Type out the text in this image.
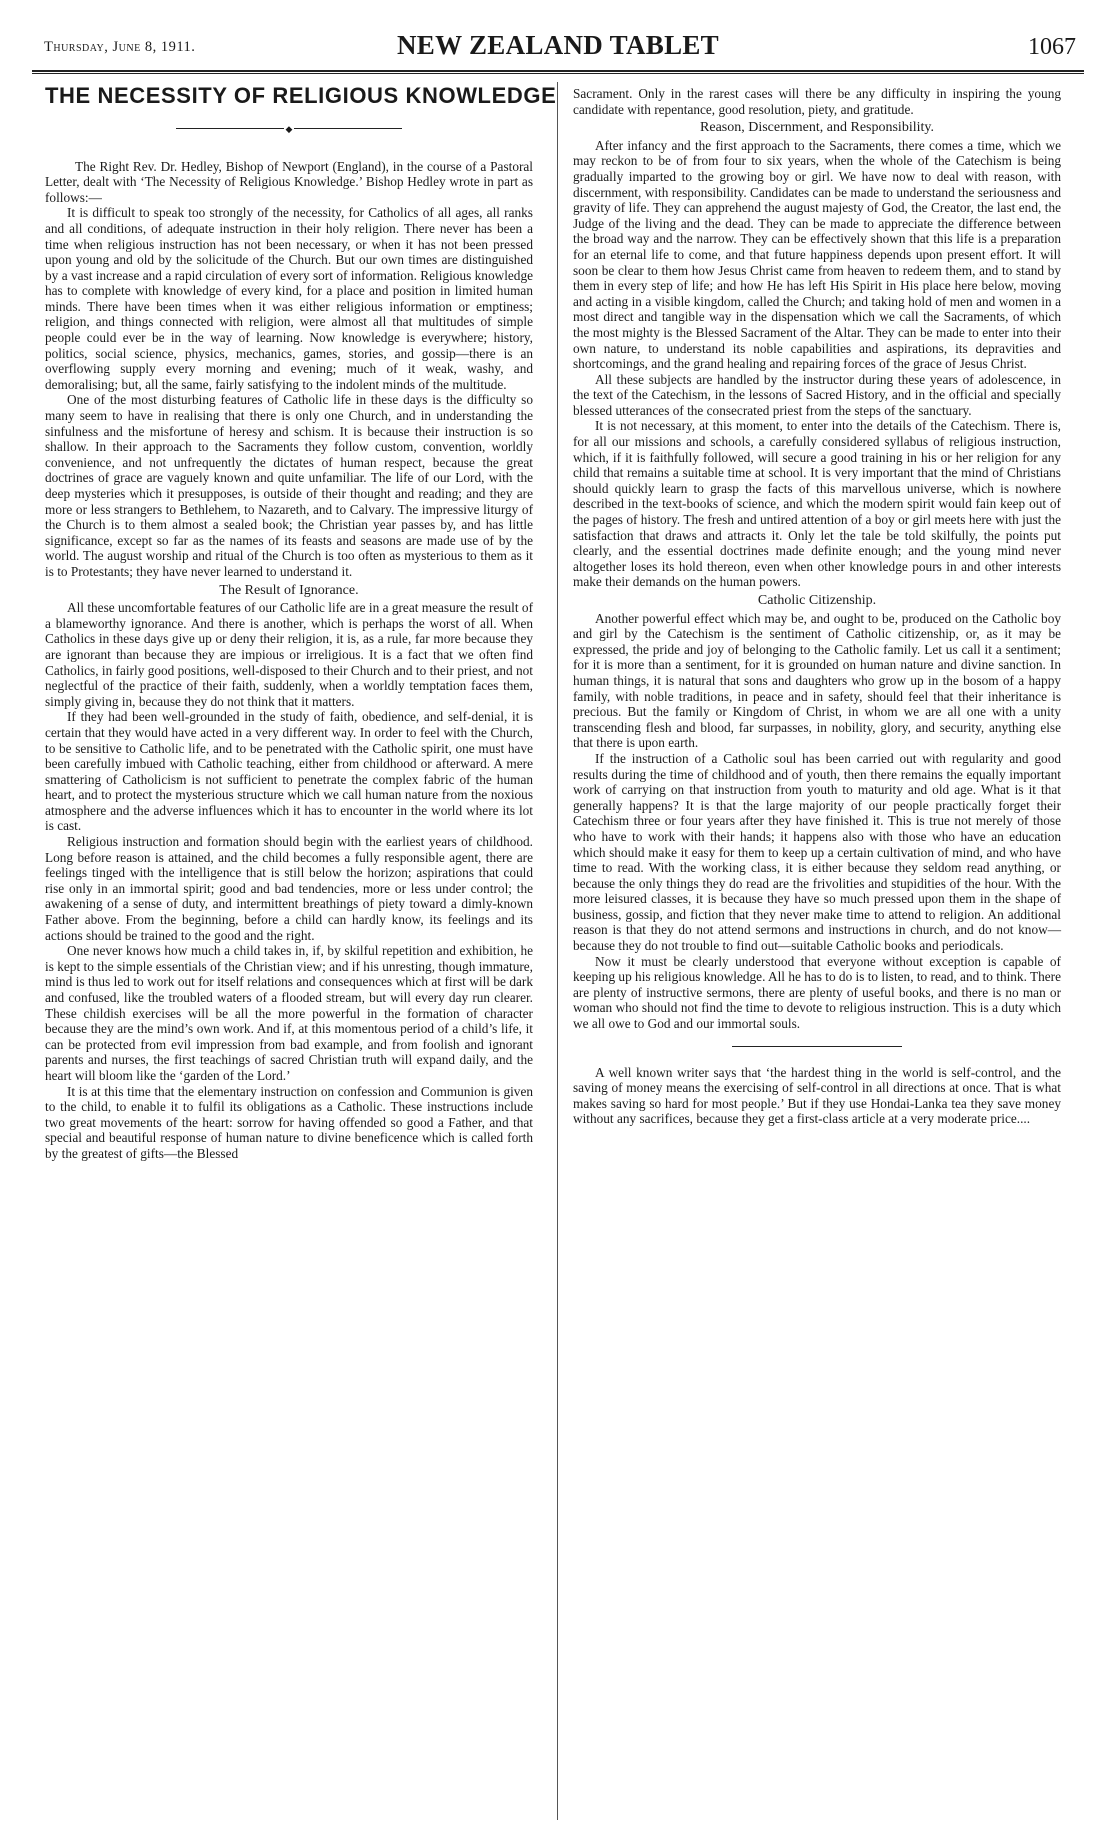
Thursday, June 8, 1911.	NEW ZEALAND TABLET	1067
THE NECESSITY OF RELIGIOUS KNOWLEDGE
◆

The Right Rev. Dr. Hedley, Bishop of Newport (England), in the course of a Pastoral Letter, dealt with ‘The Necessity of Religious Knowledge.’ Bishop Hedley wrote in part as follows:—

It is difficult to speak too strongly of the necessity, for Catholics of all ages, all ranks and all conditions, of adequate instruction in their holy religion. There never has been a time when religious instruction has not been necessary, or when it has not been pressed upon young and old by the solicitude of the Church. But our own times are distinguished by a vast increase and a rapid circulation of every sort of information. Religious knowledge has to complete with knowledge of every kind, for a place and position in limited human minds. There have been times when it was either religious information or emptiness; religion, and things connected with religion, were almost all that multitudes of simple people could ever be in the way of learning. Now knowledge is everywhere; history, politics, social science, physics, mechanics, games, stories, and gossip—there is an overflowing supply every morning and evening; much of it weak, washy, and demoralising; but, all the same, fairly satisfying to the indolent minds of the multitude.

One of the most disturbing features of Catholic life in these days is the difficulty so many seem to have in realising that there is only one Church, and in understanding the sinfulness and the misfortune of heresy and schism. It is because their instruction is so shallow. In their approach to the Sacraments they follow custom, convention, worldly convenience, and not unfrequently the dictates of human respect, because the great doctrines of grace are vaguely known and quite unfamiliar. The life of our Lord, with the deep mysteries which it presupposes, is outside of their thought and reading; and they are more or less strangers to Bethlehem, to Nazareth, and to Calvary. The impressive liturgy of the Church is to them almost a sealed book; the Christian year passes by, and has little significance, except so far as the names of its feasts and seasons are made use of by the world. The august worship and ritual of the Church is too often as mysterious to them as it is to Protestants; they have never learned to understand it.

The Result of Ignorance.

All these uncomfortable features of our Catholic life are in a great measure the result of a blameworthy ignorance. And there is another, which is perhaps the worst of all. When Catholics in these days give up or deny their religion, it is, as a rule, far more because they are ignorant than because they are impious or irreligious. It is a fact that we often find Catholics, in fairly good positions, well-disposed to their Church and to their priest, and not neglectful of the practice of their faith, suddenly, when a worldly temptation faces them, simply giving in, because they do not think that it matters.

If they had been well-grounded in the study of faith, obedience, and self-denial, it is certain that they would have acted in a very different way. In order to feel with the Church, to be sensitive to Catholic life, and to be penetrated with the Catholic spirit, one must have been carefully imbued with Catholic teaching, either from childhood or afterward. A mere smattering of Catholicism is not sufficient to penetrate the complex fabric of the human heart, and to protect the mysterious structure which we call human nature from the noxious atmosphere and the adverse influences which it has to encounter in the world where its lot is cast.

Religious instruction and formation should begin with the earliest years of childhood. Long before reason is attained, and the child becomes a fully responsible agent, there are feelings tinged with the intelligence that is still below the horizon; aspirations that could rise only in an immortal spirit; good and bad tendencies, more or less under control; the awakening of a sense of duty, and intermittent breathings of piety toward a dimly-known Father above. From the beginning, before a child can hardly know, its feelings and its actions should be trained to the good and the right.

One never knows how much a child takes in, if, by skilful repetition and exhibition, he is kept to the simple essentials of the Christian view; and if his unresting, though immature, mind is thus led to work out for itself relations and consequences which at first will be dark and confused, like the troubled waters of a flooded stream, but will every day run clearer. These childish exercises will be all the more powerful in the formation of character because they are the mind’s own work. And if, at this momentous period of a child’s life, it can be protected from evil impression from bad example, and from foolish and ignorant parents and nurses, the first teachings of sacred Christian truth will expand daily, and the heart will bloom like the ‘garden of the Lord.’

It is at this time that the elementary instruction on confession and Communion is given to the child, to enable it to fulfil its obligations as a Catholic. These instructions include two great movements of the heart: sorrow for having offended so good a Father, and that special and beautiful response of human nature to divine beneficence which is called forth by the greatest of gifts—the Blessed

Sacrament. Only in the rarest cases will there be any difficulty in inspiring the young candidate with repentance, good resolution, piety, and gratitude.

Reason, Discernment, and Responsibility.

After infancy and the first approach to the Sacraments, there comes a time, which we may reckon to be of from four to six years, when the whole of the Catechism is being gradually imparted to the growing boy or girl. We have now to deal with reason, with discernment, with responsibility. Candidates can be made to understand the seriousness and gravity of life. They can apprehend the august majesty of God, the Creator, the last end, the Judge of the living and the dead. They can be made to appreciate the difference between the broad way and the narrow. They can be effectively shown that this life is a preparation for an eternal life to come, and that future happiness depends upon present effort. It will soon be clear to them how Jesus Christ came from heaven to redeem them, and to stand by them in every step of life; and how He has left His Spirit in His place here below, moving and acting in a visible kingdom, called the Church; and taking hold of men and women in a most direct and tangible way in the dispensation which we call the Sacraments, of which the most mighty is the Blessed Sacrament of the Altar. They can be made to enter into their own nature, to understand its noble capabilities and aspirations, its depravities and shortcomings, and the grand healing and repairing forces of the grace of Jesus Christ.

All these subjects are handled by the instructor during these years of adolescence, in the text of the Catechism, in the lessons of Sacred History, and in the official and specially blessed utterances of the consecrated priest from the steps of the sanctuary.

It is not necessary, at this moment, to enter into the details of the Catechism. There is, for all our missions and schools, a carefully considered syllabus of religious instruction, which, if it is faithfully followed, will secure a good training in his or her religion for any child that remains a suitable time at school. It is very important that the mind of Christians should quickly learn to grasp the facts of this marvellous universe, which is nowhere described in the text-books of science, and which the modern spirit would fain keep out of the pages of history. The fresh and untired attention of a boy or girl meets here with just the satisfaction that draws and attracts it. Only let the tale be told skilfully, the points put clearly, and the essential doctrines made definite enough; and the young mind never altogether loses its hold thereon, even when other knowledge pours in and other interests make their demands on the human powers.

Catholic Citizenship.

Another powerful effect which may be, and ought to be, produced on the Catholic boy and girl by the Catechism is the sentiment of Catholic citizenship, or, as it may be expressed, the pride and joy of belonging to the Catholic family. Let us call it a sentiment; for it is more than a sentiment, for it is grounded on human nature and divine sanction. In human things, it is natural that sons and daughters who grow up in the bosom of a happy family, with noble traditions, in peace and in safety, should feel that their inheritance is precious. But the family or Kingdom of Christ, in whom we are all one with a unity transcending flesh and blood, far surpasses, in nobility, glory, and security, anything else that there is upon earth.

If the instruction of a Catholic soul has been carried out with regularity and good results during the time of childhood and of youth, then there remains the equally important work of carrying on that instruction from youth to maturity and old age. What is it that generally happens? It is that the large majority of our people practically forget their Catechism three or four years after they have finished it. This is true not merely of those who have to work with their hands; it happens also with those who have an education which should make it easy for them to keep up a certain cultivation of mind, and who have time to read. With the working class, it is either because they seldom read anything, or because the only things they do read are the frivolities and stupidities of the hour. With the more leisured classes, it is because they have so much pressed upon them in the shape of business, gossip, and fiction that they never make time to attend to religion. An additional reason is that they do not attend sermons and instructions in church, and do not know—because they do not trouble to find out—suitable Catholic books and periodicals.

Now it must be clearly understood that everyone without exception is capable of keeping up his religious knowledge. All he has to do is to listen, to read, and to think. There are plenty of instructive sermons, there are plenty of useful books, and there is no man or woman who should not find the time to devote to religious instruction. This is a duty which we all owe to God and our immortal souls.

A well known writer says that ‘the hardest thing in the world is self-control, and the saving of money means the exercising of self-control in all directions at once. That is what makes saving so hard for most people.’ But if they use Hondai-Lanka tea they save money without any sacrifices, because they get a first-class article at a very moderate price....
